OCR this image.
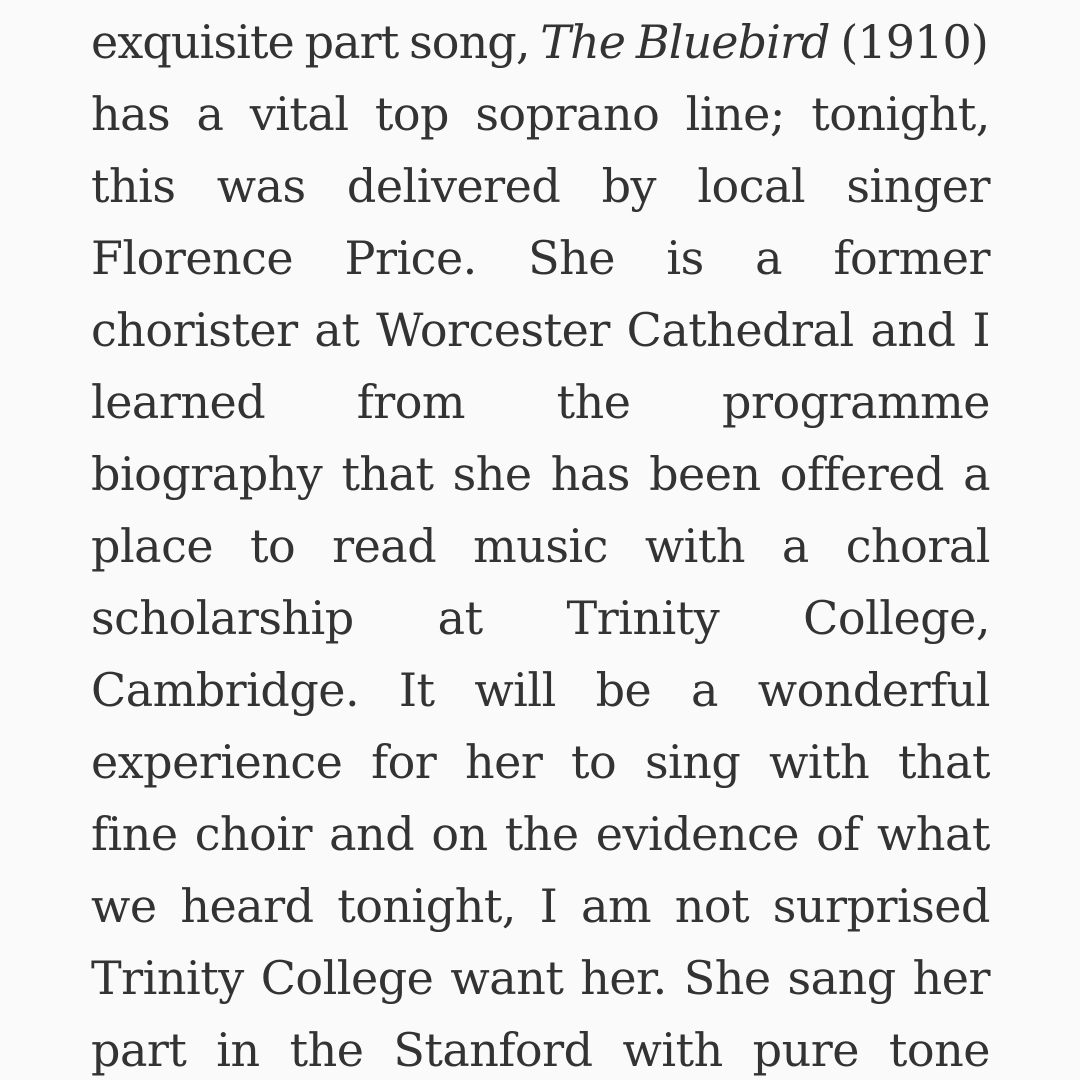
exquisite part song, The Bluebird (1910)
has a vital top soprano line; tonight,
this was delivered by local singer
Florence Price. She is a former
chorister at Worcester Cathedral and I
learned from the programme
biography that she has been offered a
place to read music with a choral
scholarship at Trinity College,
Cambridge. It will be a wonderful
experience for her to sing with that
fine choir and on the evidence of what
we heard tonight, I am not surprised
Trinity College want her. She sang her
part in the Stanford with pure tone
